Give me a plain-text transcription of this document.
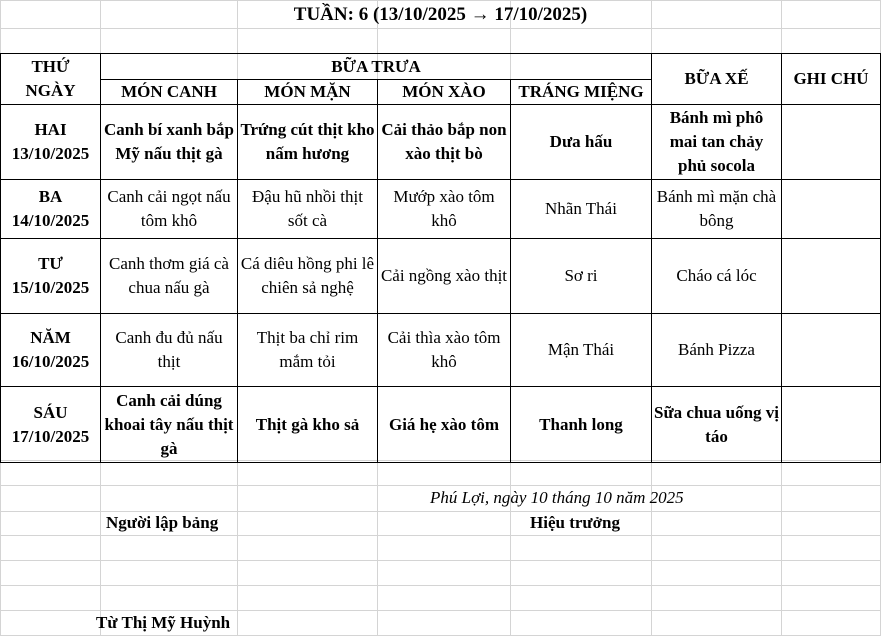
TUẦN: 6 (13/10/2025 → 17/10/2025)
THỨ
NGÀY	BỮA TRƯA				BỮA XẾ	GHI CHÚ
	MÓN CANH	MÓN MẶN	MÓN XÀO	TRÁNG MIỆNG		

HAI
13/10/2025	Canh bí xanh bắp Mỹ nấu thịt gà	Trứng cút thịt kho nấm hương	Cải thảo bắp non xào thịt bò	Dưa hấu	Bánh mì phô mai tan chảy phủ socola	

BA
14/10/2025	Canh cải ngọt nấu tôm khô	Đậu hũ nhồi thịt sốt cà	Mướp xào tôm khô	Nhãn Thái	Bánh mì mặn chà bông	

TƯ
15/10/2025	Canh thơm giá cà chua nấu gà	Cá diêu hồng phi lê chiên sả nghệ	Cải ngồng xào thịt	Sơ ri	Cháo cá lóc	

NĂM
16/10/2025	Canh đu đủ nấu thịt	Thịt ba chỉ rim mắm tỏi	Cải thìa xào tôm khô	Mận Thái	Bánh Pizza	

SÁU
17/10/2025	Canh cải dúng khoai tây nấu thịt gà	Thịt gà kho sả	Giá hẹ xào tôm	Thanh long	Sữa chua uống vị táo	
Phú Lợi, ngày 10 tháng 10 năm 2025
Người lập bảng	Hiệu trưởng
Từ Thị Mỹ Huỳnh
